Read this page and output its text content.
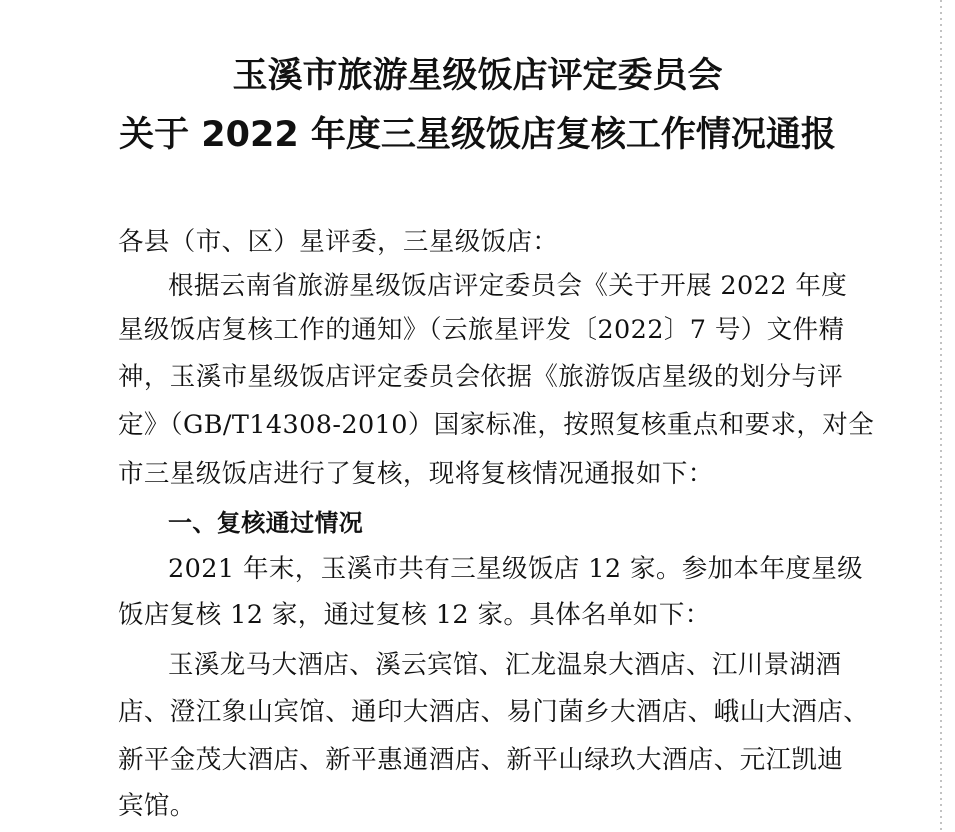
玉溪市旅游星级饭店评定委员会
关于 2022 年度三星级饭店复核工作情况通报
各县（市、区）星评委，三星级饭店：
根据云南省旅游星级饭店评定委员会《关于开展 2022 年度
星级饭店复核工作的通知》（云旅星评发〔2022〕7 号）文件精
神，玉溪市星级饭店评定委员会依据《旅游饭店星级的划分与评
定》（GB/T14308-2010）国家标准，按照复核重点和要求，对全
市三星级饭店进行了复核，现将复核情况通报如下：
一、复核通过情况
2021 年末，玉溪市共有三星级饭店 12 家。参加本年度星级
饭店复核 12 家，通过复核 12 家。具体名单如下：
玉溪龙马大酒店、溪云宾馆、汇龙温泉大酒店、江川景湖酒
店、澄江象山宾馆、通印大酒店、易门菌乡大酒店、峨山大酒店、
新平金茂大酒店、新平惠通酒店、新平山绿玖大酒店、元江凯迪
宾馆。
